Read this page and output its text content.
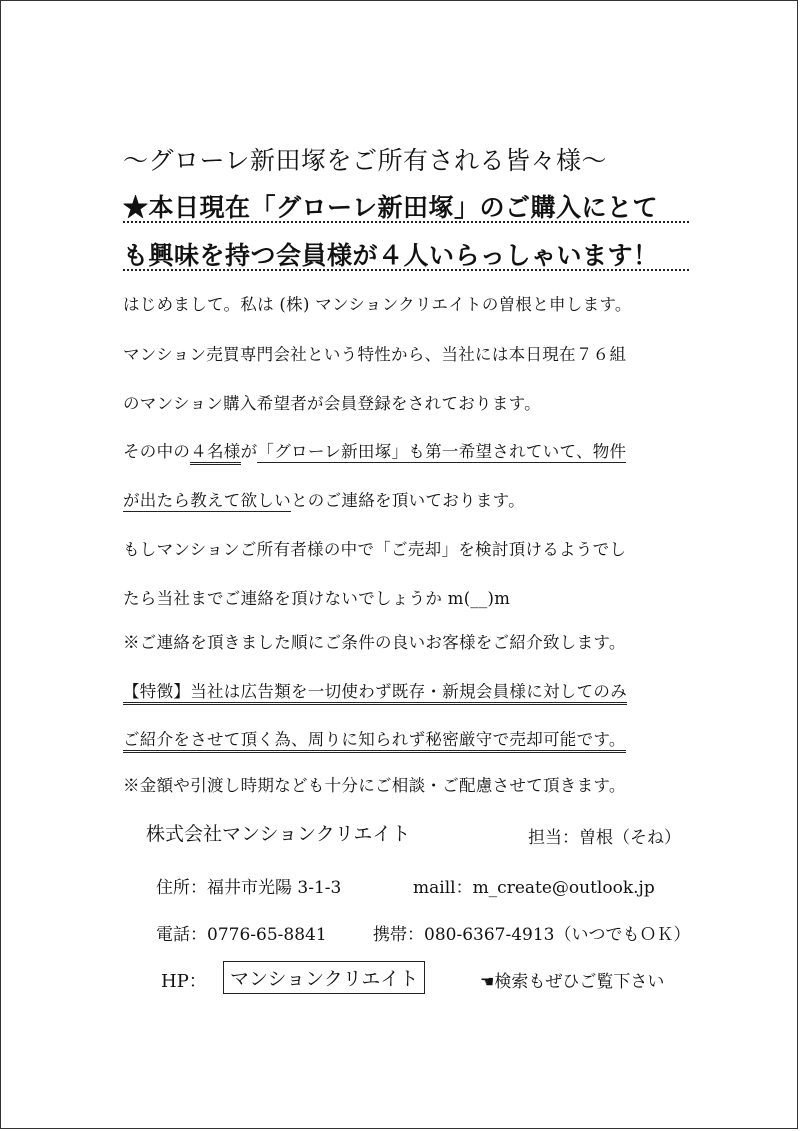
～グローレ新田塚をご所有される皆々様～
★本日現在「グローレ新田塚」のご購入にとて
も興味を持つ会員様が４人いらっしゃいます！
はじめまして。私は (株) マンションクリエイトの曽根と申します。
マンション売買専門会社という特性から、当社には本日現在７６組
のマンション購入希望者が会員登録をされております。
その中の４名様が「グローレ新田塚」も第一希望されていて、物件
が出たら教えて欲しいとのご連絡を頂いております。
もしマンションご所有者様の中で「ご売却」を検討頂けるようでし
たら当社までご連絡を頂けないでしょうか m(__)m
※ご連絡を頂きました順にご条件の良いお客様をご紹介致します。
【特徴】当社は広告類を一切使わず既存・新規会員様に対してのみ
ご紹介をさせて頂く為、周りに知られず秘密厳守で売却可能です。
※金額や引渡し時期なども十分にご相談・ご配慮させて頂きます。
株式会社マンションクリエイト	担当：曽根（そね）
住所：福井市光陽 3-1-3	maill：m_create@outlook.jp
電話：0776-65-8841	携帯：080-6367-4913（いつでもＯＫ）
HP：	マンションクリエイト	☚検索もぜひご覧下さい
